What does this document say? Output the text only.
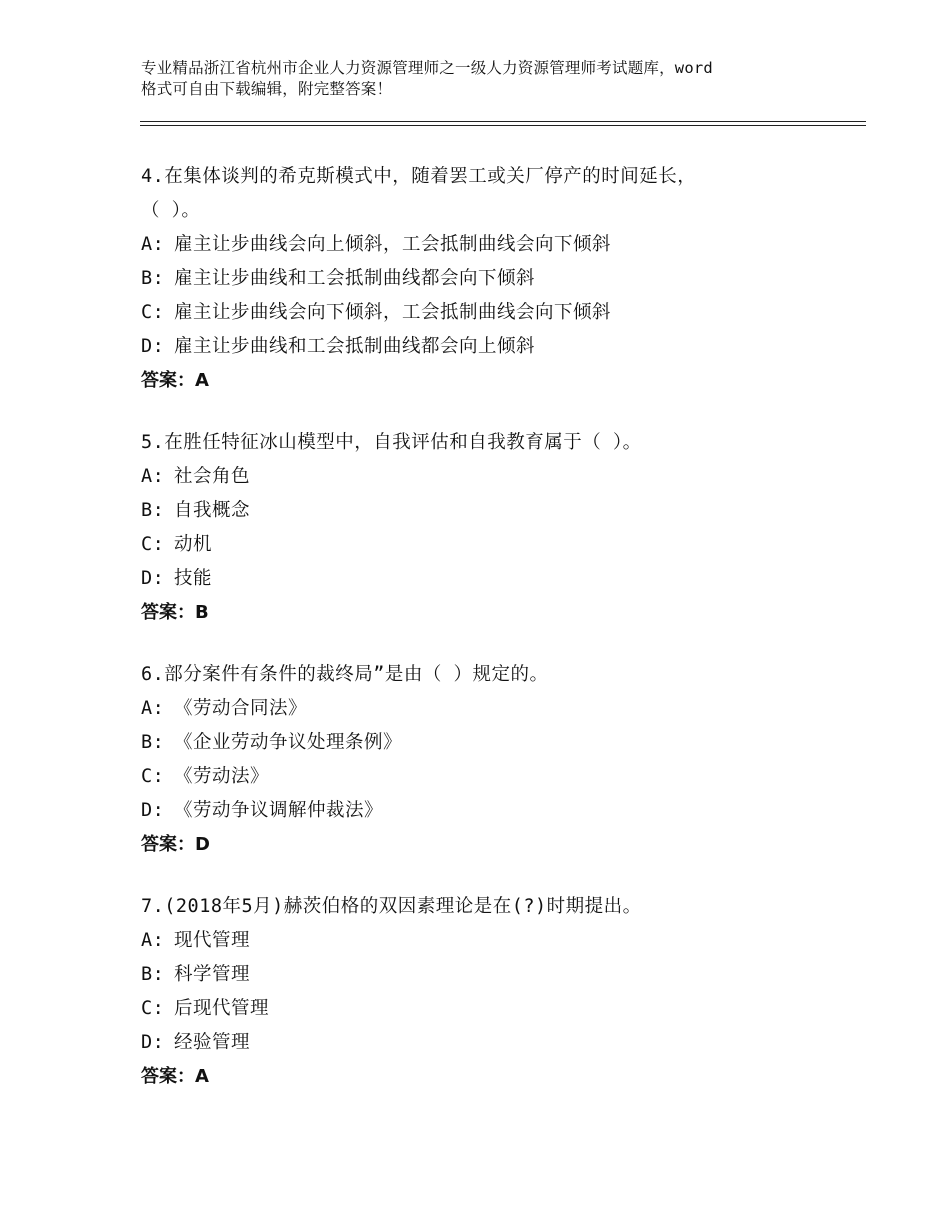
专业精品浙江省杭州市企业人力资源管理师之一级人力资源管理师考试题库，word
格式可自由下载编辑，附完整答案！
4.在集体谈判的希克斯模式中，随着罢工或关厂停产的时间延长，
（ ）。
A: 雇主让步曲线会向上倾斜，工会抵制曲线会向下倾斜
B: 雇主让步曲线和工会抵制曲线都会向下倾斜
C: 雇主让步曲线会向下倾斜，工会抵制曲线会向下倾斜
D: 雇主让步曲线和工会抵制曲线都会向上倾斜
答案：A
5.在胜任特征冰山模型中，自我评估和自我教育属于（ ）。
A: 社会角色
B: 自我概念
C: 动机
D: 技能
答案：B
6.部分案件有条件的裁终局”是由（ ）规定的。
A: 《劳动合同法》
B: 《企业劳动争议处理条例》
C: 《劳动法》
D: 《劳动争议调解仲裁法》
答案：D
7.(2018年5月)赫茨伯格的双因素理论是在(?)时期提出。
A: 现代管理
B: 科学管理
C: 后现代管理
D: 经验管理
答案：A
